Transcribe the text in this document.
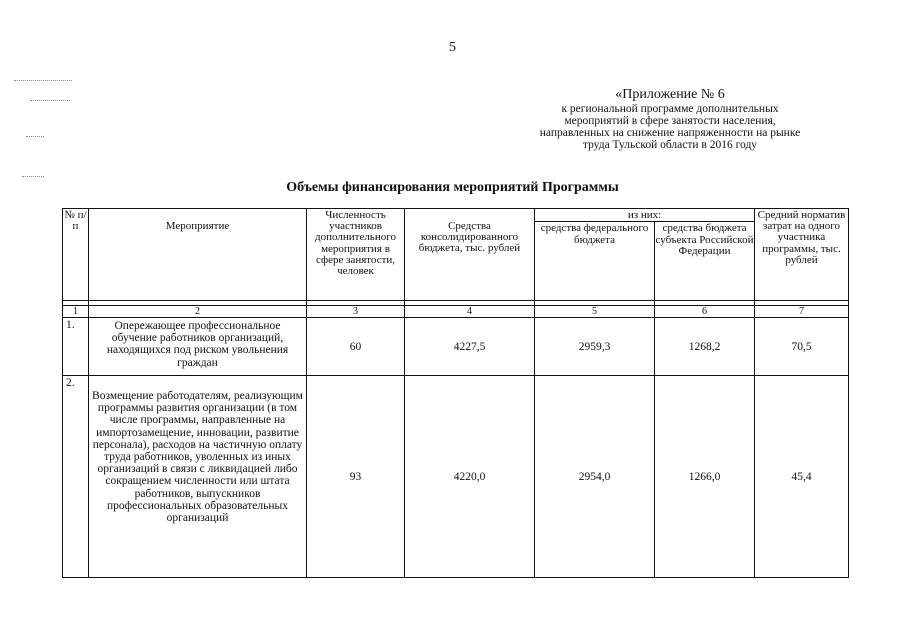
5
«Приложение № 6
к региональной программе дополнительных
мероприятий в сфере занятости населения,
направленных на снижение напряженности на рынке
труда Тульской области в 2016 году
Объемы финансирования мероприятий Программы
№ п/ п	Мероприятие	Численность участников дополнительного мероприятия в сфере занятости, человек	Средства консолидированного бюджета, тыс. рублей	из них:		Средний норматив затрат на одного участника программы, тыс. рублей
				средства федерального бюджета	средства бюджета субъекта Российской Федерации	

1	2	3	4	5	6	7
1.	Опережающее профессиональное обучение работников организаций, находящихся под риском увольнения граждан	60	4227,5	2959,3	1268,2	70,5
2.	Возмещение работодателям, реализующим программы развития организации (в том числе программы, направленные на импортозамещение, инновации, развитие персонала), расходов на частичную оплату труда работников, уволенных из иных организаций в связи с ликвидацией либо сокращением численности или штата работников, выпускников профессиональных образовательных организаций	93	4220,0	2954,0	1266,0	45,4
